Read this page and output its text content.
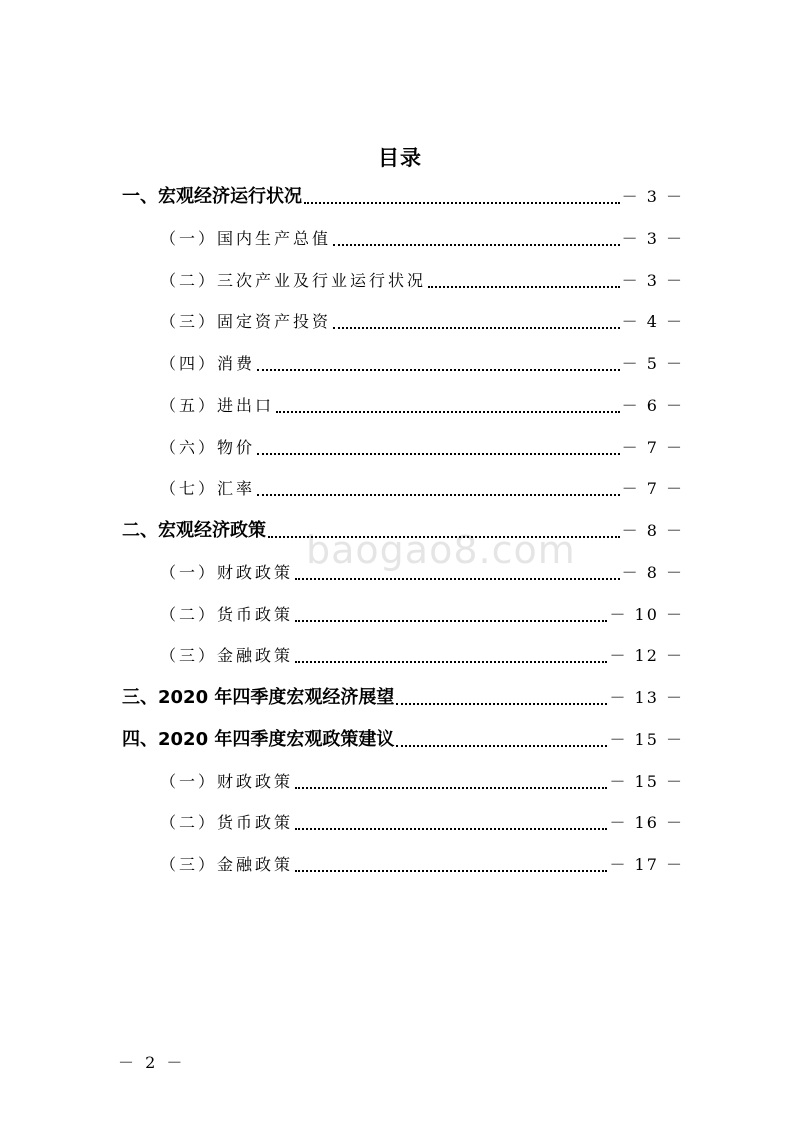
目录
一、宏观经济运行状况	－ 3 －
（一）国内生产总值	－ 3 －
（二）三次产业及行业运行状况	－ 3 －
（三）固定资产投资	－ 4 －
（四）消费	－ 5 －
（五）进出口	－ 6 －
（六）物价	－ 7 －
（七）汇率	－ 7 －
二、宏观经济政策	－ 8 －
（一）财政政策	－ 8 －
（二）货币政策	－ 10 －
（三）金融政策	－ 12 －
三、2020 年四季度宏观经济展望	－ 13 －
四、2020 年四季度宏观政策建议	－ 15 －
（一）财政政策	－ 15 －
（二）货币政策	－ 16 －
（三）金融政策	－ 17 －
baogao8.com
－ 2 －
